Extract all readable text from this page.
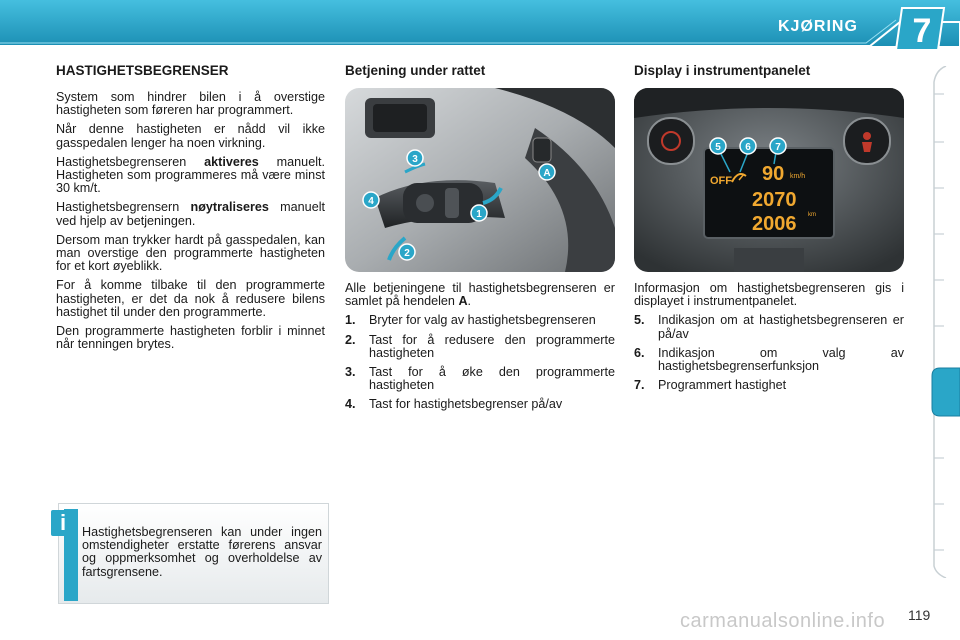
KJØRING 7
HASTIGHETSBEGRENSER

System som hindrer bilen i å overstige hastigheten som føreren har programmert.

Når denne hastigheten er nådd vil ikke gasspedalen lenger ha noen virkning.

Hastighetsbegrenseren aktiveres manuelt. Hastigheten som programmeres må være minst 30 km/t.

Hastighetsbegrensern nøytraliseres manuelt ved hjelp av betjeningen.

Dersom man trykker hardt på gasspedalen, kan man overstige den programmerte hastigheten for et kort øyeblikk.

For å komme tilbake til den programmerte hastigheten, er det da nok å redusere bilens hastighet til under den programmerte.

Den programmerte hastigheten forblir i minnet når tenningen brytes.

Betjening under rattet
1
2
3
4
A

Alle betjeningene til hastighetsbegrenseren er samlet på hendelen A.

1. Bryter for valg av hastighetsbegrenseren
2. Tast for å redusere den programmerte hastigheten
3. Tast for å øke den programmerte hastigheten
4. Tast for hastighetsbegrenser på/av
Display i instrumentpanelet
OFF 90
2070
2006
km/h
km
5 6 7

Informasjon om hastighetsbegrenseren gis i displayet i instrumentpanelet.

5. Indikasjon om at hastighetsbegrenseren er på/av
6. Indikasjon om valg av hastighetsbegrenserfunksjon
7. Programmert hastighet
i	Hastighetsbegrenseren kan under ingen omstendigheter erstatte førerens ansvar og oppmerksomhet og overholdelse av fartsgrensene.
carmanualsonline.info 119
